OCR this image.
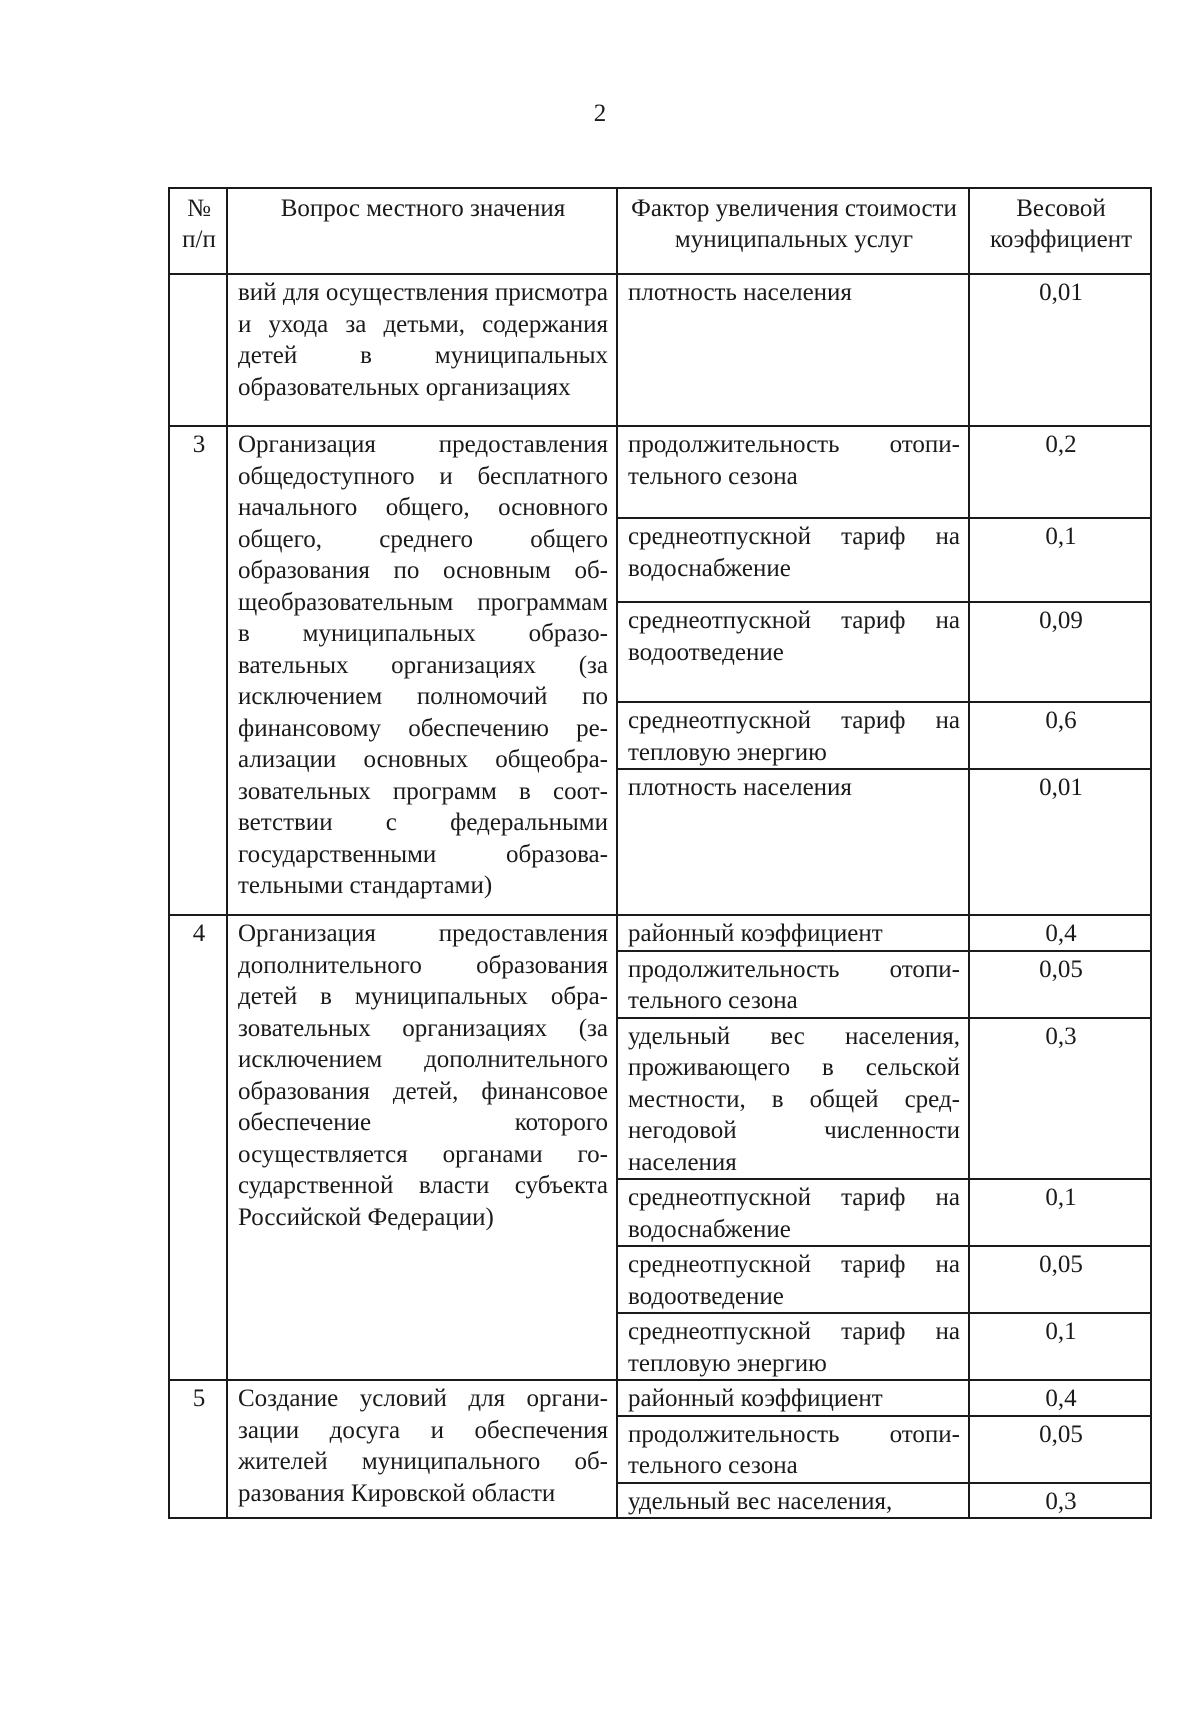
2
№ п/п	Вопрос местного значения	Фактор увеличения стоимости муниципальных услуг	Весовой коэффициент
	вий для осуществления присмотра и ухода за детьми, содержания детей в муниципальных образовательных организациях	плотность населения	0,01
3	Организация предоставления общедоступного и бесплатного начального общего, основного общего, среднего общего образования по основным общеобразовательным программам в муниципальных образовательных организациях (за исключением полномочий по финансовому обеспечению реализации основных общеобразовательных программ в соответствии с федеральными государственными образовательными стандартами)	продолжительность отопительного сезона	0,2
		среднеотпускной тариф на водоснабжение	0,1
		среднеотпускной тариф на водоотведение	0,09
		среднеотпускной тариф на тепловую энергию	0,6
		плотность населения	0,01
4	Организация предоставления дополнительного образования детей в муниципальных образовательных организациях (за исключением дополнительного образования детей, финансовое обеспечение которого осуществляется органами государственной власти субъекта Российской Федерации)	районный коэффициент	0,4
		продолжительность отопительного сезона	0,05
		удельный вес населения, проживающего в сельской местности, в общей среднегодовой численности населения	0,3
		среднеотпускной тариф на водоснабжение	0,1
		среднеотпускной тариф на водоотведение	0,05
		среднеотпускной тариф на тепловую энергию	0,1
5	Создание условий для организации досуга и обеспечения жителей муниципального образования Кировской области	районный коэффициент	0,4
		продолжительность отопительного сезона	0,05
		удельный вес населения,	0,3
